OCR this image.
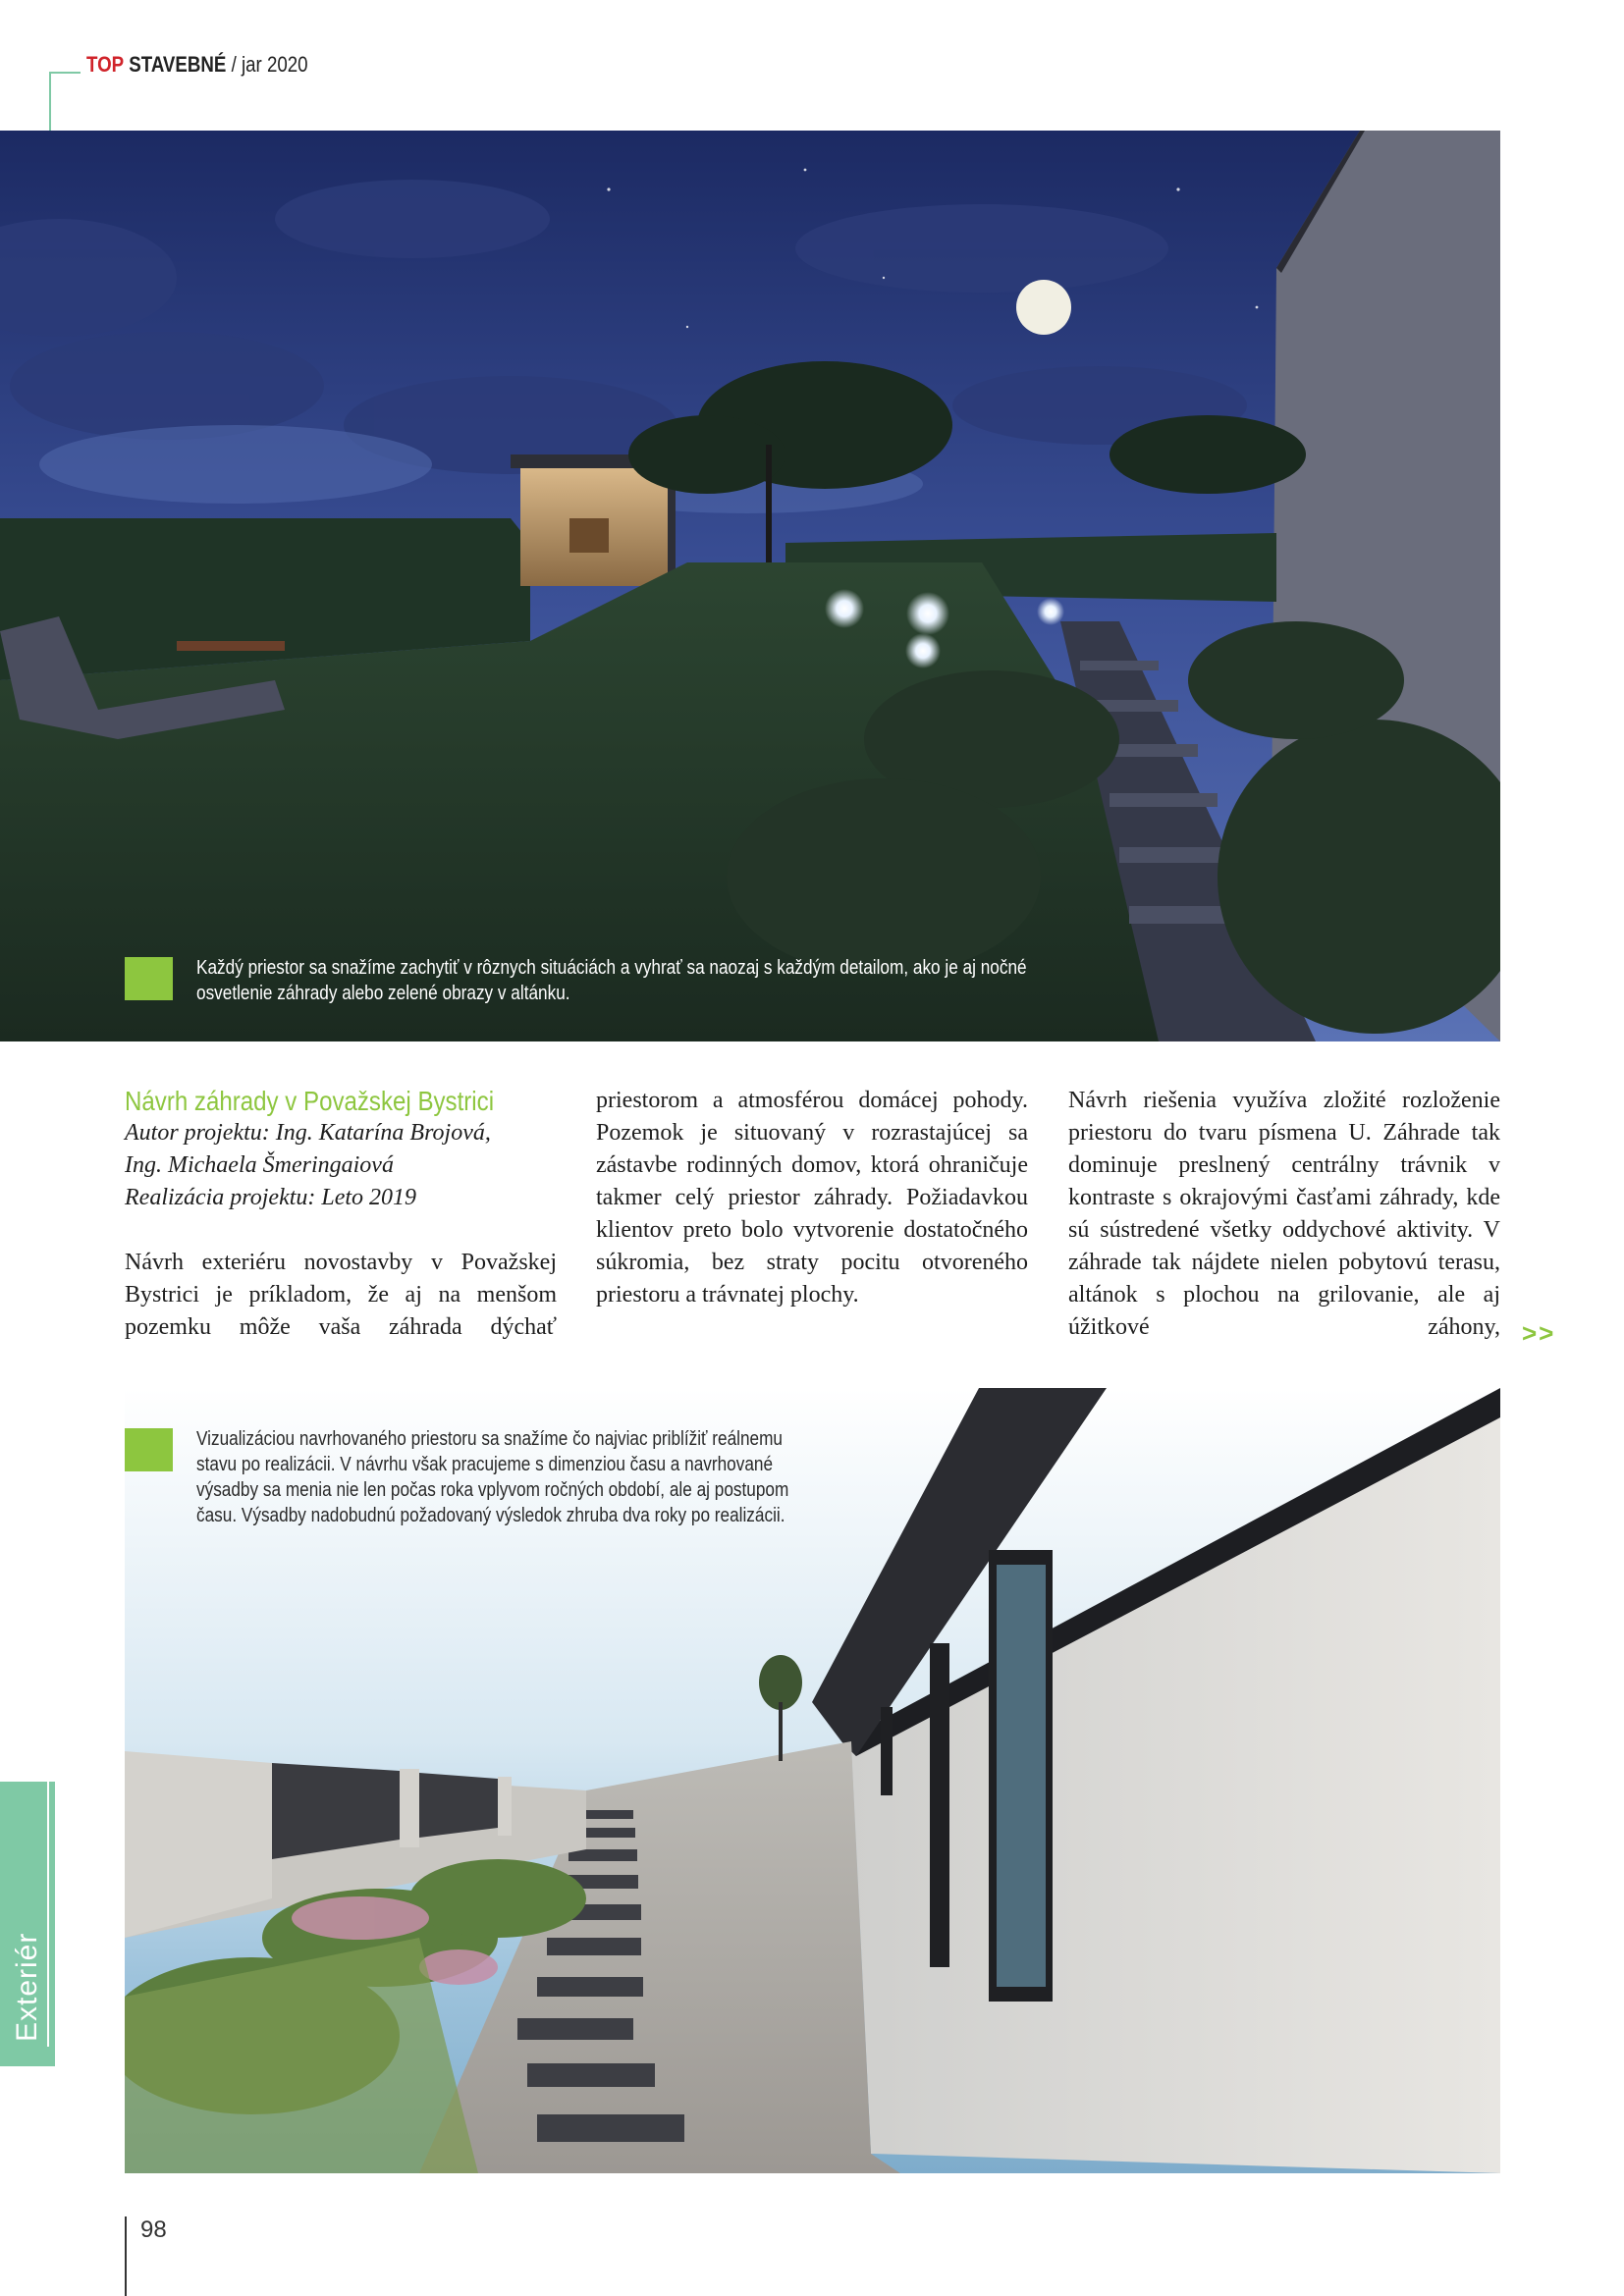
TOP STAVEBNÉ / jar 2020
Každý priestor sa snažíme zachytiť v rôznych situáciách a vyhrať sa naozaj s každým detailom, ako je aj nočné osvetlenie záhrady alebo zelené obrazy v altánku.

Návrh záhrady v Považskej Bystrici

Autor projektu: Ing. Katarína Brojová,

Ing. Michaela Šmeringaiová

Realizácia projektu: Leto 2019

Návrh exteriéru novostavby v Považskej Bystrici je príkladom, že aj na menšom pozemku môže vaša záhrada dýchať

priestorom a atmosférou domácej pohody. Pozemok je situovaný v rozrastajúcej sa zástavbe rodinných domov, ktorá ohraničuje takmer celý priestor záhrady. Požiadavkou klientov preto bolo vytvorenie dostatočného súkromia, bez straty pocitu otvoreného priestoru a trávnatej plochy.

Návrh riešenia využíva zložité rozloženie priestoru do tvaru písmena U. Záhrade tak dominuje preslnený centrálny trávnik v kontraste s okrajovými časťami záhrady, kde sú sústredené všetky oddychové aktivity. V záhrade tak nájdete nielen pobytovú terasu, altánok s plochou na grilovanie, ale aj úžitkové záhony, >>
Vizualizáciou navrhovaného priestoru sa snažíme čo najviac priblížiť reálnemu stavu po realizácii. V návrhu však pracujeme s dimenziou času a navrhované výsadby sa menia nie len počas roka vplyvom ročných období, ale aj postupom času. Výsadby nadobudnú požadovaný výsledok zhruba dva roky po realizácii.
Exteriér
98
